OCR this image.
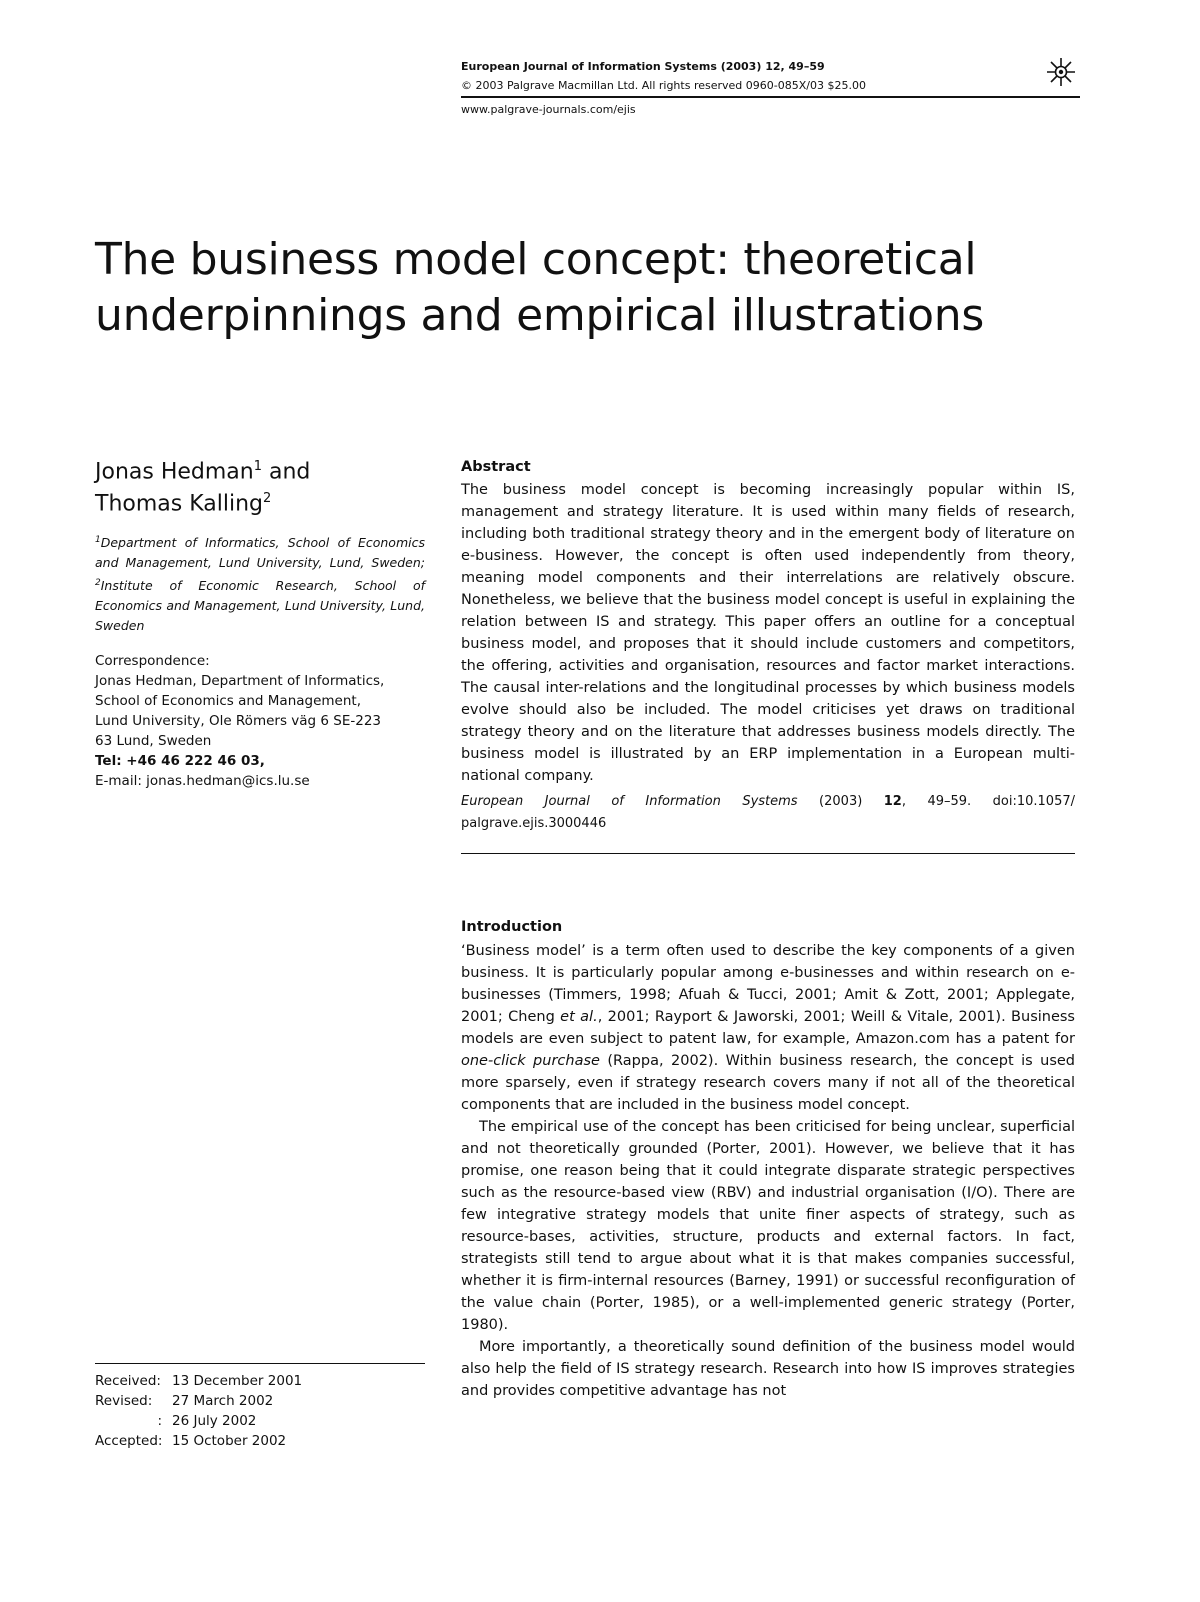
European Journal of Information Systems (2003) 12, 49–59
© 2003 Palgrave Macmillan Ltd. All rights reserved 0960-085X/03 $25.00
www.palgrave-journals.com/ejis
The business model concept: theoretical
underpinnings and empirical illustrations
Jonas Hedman$^1$ and
Thomas Kalling$^2$
$^1$Department of Informatics, School of Economics and Management, Lund University, Lund, Sweden; $^2$Institute of Economic Research, School of Economics and Management, Lund University, Lund, Sweden
Correspondence:
Jonas Hedman, Department of Informatics,
School of Economics and Management,
Lund University, Ole Römers väg 6 SE-223
63 Lund, Sweden
Tel: +46 46 222 46 03,
E-mail: jonas.hedman@ics.lu.se
Received: 13 December 2001
Revised:	27 March 2002
: 26 July 2002
Accepted: 15 October 2002
Abstract
The business model concept is becoming increasingly popular within IS, management and strategy literature. It is used within many fields of research, including both traditional strategy theory and in the emergent body of literature on e-business. However, the concept is often used independently from theory, meaning model components and their interrelations are relatively obscure. Nonetheless, we believe that the business model concept is useful in explaining the relation between IS and strategy. This paper offers an outline for a conceptual business model, and proposes that it should include customers and competitors, the offering, activities and organisation, resources and factor market interactions. The causal inter-relations and the longitudinal processes by which business models evolve should also be included. The model criticises yet draws on traditional strategy theory and on the literature that addresses business models directly. The business model is illustrated by an ERP implementation in a European multi-national company.
European Journal of Information Systems (2003) 12, 49–59. doi:10.1057/ palgrave.ejis.3000446
Introduction

‘Business model’ is a term often used to describe the key components of a given business. It is particularly popular among e-businesses and within research on e-businesses (Timmers, 1998; Afuah & Tucci, 2001; Amit & Zott, 2001; Applegate, 2001; Cheng et al., 2001; Rayport & Jaworski, 2001; Weill & Vitale, 2001). Business models are even subject to patent law, for example, Amazon.com has a patent for one-click purchase (Rappa, 2002). Within business research, the concept is used more sparsely, even if strategy research covers many if not all of the theoretical components that are included in the business model concept.

The empirical use of the concept has been criticised for being unclear, superficial and not theoretically grounded (Porter, 2001). However, we believe that it has promise, one reason being that it could integrate disparate strategic perspectives such as the resource-based view (RBV) and industrial organisation (I/O). There are few integrative strategy models that unite finer aspects of strategy, such as resource-bases, activities, structure, products and external factors. In fact, strategists still tend to argue about what it is that makes companies successful, whether it is firm-internal resources (Barney, 1991) or successful reconfiguration of the value chain (Porter, 1985), or a well-implemented generic strategy (Porter, 1980).

More importantly, a theoretically sound definition of the business model would also help the field of IS strategy research. Research into how IS improves strategies and provides competitive advantage has not
